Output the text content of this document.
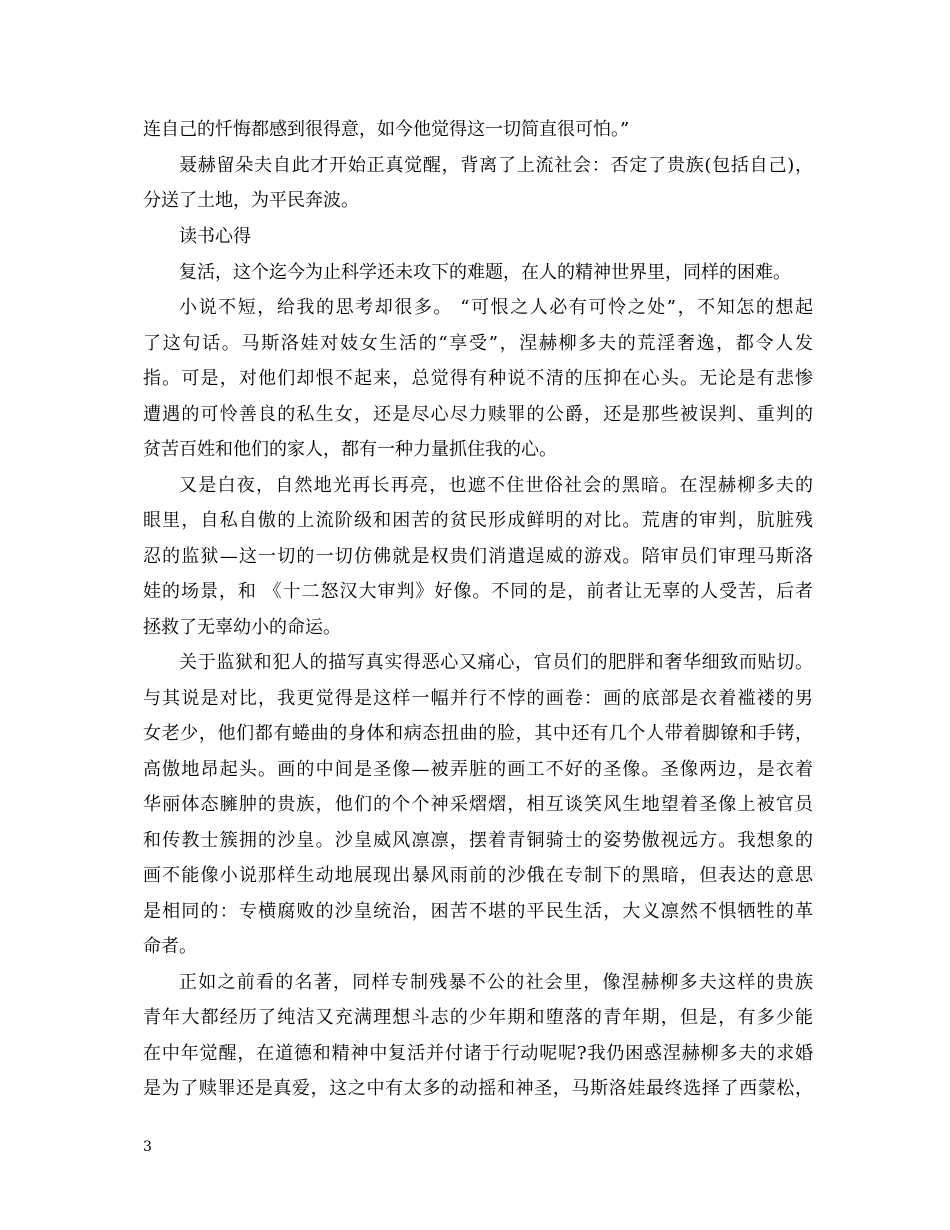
连自己的忏悔都感到很得意，如今他觉得这一切简直很可怕。”
聂赫留朵夫自此才开始正真觉醒，背离了上流社会：否定了贵族(包括自己)，
分送了土地，为平民奔波。
读书心得
复活，这个迄今为止科学还未攻下的难题，在人的精神世界里，同样的困难。
小说不短，给我的思考却很多。 “可恨之人必有可怜之处”，不知怎的想起
了这句话。马斯洛娃对妓女生活的“享受”，涅赫柳多夫的荒淫奢逸，都令人发
指。可是，对他们却恨不起来，总觉得有种说不清的压抑在心头。无论是有悲惨
遭遇的可怜善良的私生女，还是尽心尽力赎罪的公爵，还是那些被误判、重判的
贫苦百姓和他们的家人，都有一种力量抓住我的心。
又是白夜，自然地光再长再亮，也遮不住世俗社会的黑暗。在涅赫柳多夫的
眼里，自私自傲的上流阶级和困苦的贫民形成鲜明的对比。荒唐的审判，肮脏残
忍的监狱—这一切的一切仿佛就是权贵们消遣逞威的游戏。陪审员们审理马斯洛
娃的场景，和 《十二怒汉大审判》好像。不同的是，前者让无辜的人受苦，后者
拯救了无辜幼小的命运。
关于监狱和犯人的描写真实得恶心又痛心，官员们的肥胖和奢华细致而贴切。
与其说是对比，我更觉得是这样一幅并行不悖的画卷：画的底部是衣着褴褛的男
女老少，他们都有蜷曲的身体和病态扭曲的脸，其中还有几个人带着脚镣和手铐，
高傲地昂起头。画的中间是圣像—被弄脏的画工不好的圣像。圣像两边，是衣着
华丽体态臃肿的贵族，他们的个个神采熠熠，相互谈笑风生地望着圣像上被官员
和传教士簇拥的沙皇。沙皇威风凛凛，摆着青铜骑士的姿势傲视远方。我想象的
画不能像小说那样生动地展现出暴风雨前的沙俄在专制下的黑暗，但表达的意思
是相同的：专横腐败的沙皇统治，困苦不堪的平民生活，大义凛然不惧牺牲的革
命者。
正如之前看的名著，同样专制残暴不公的社会里，像涅赫柳多夫这样的贵族
青年大都经历了纯洁又充满理想斗志的少年期和堕落的青年期，但是，有多少能
在中年觉醒，在道德和精神中复活并付诸于行动呢呢?我仍困惑涅赫柳多夫的求婚
是为了赎罪还是真爱，这之中有太多的动摇和神圣，马斯洛娃最终选择了西蒙松，
3
